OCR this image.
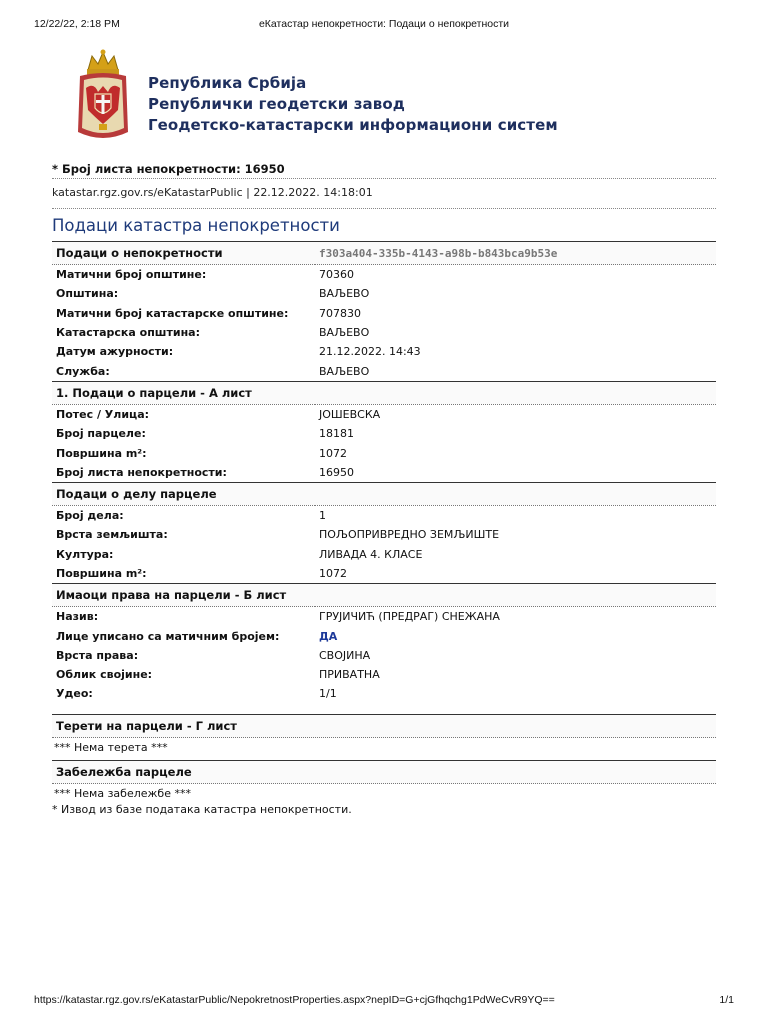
12/22/22, 2:18 PM	еКатастар непокретности: Подаци о непокретности
Република Србија
Републички геодетски завод
Геодетско-катастарски информациони систем
* Број листа непокретности: 16950
katastar.rgz.gov.rs/eKatastarPublic | 22.12.2022. 14:18:01
Подаци катастра непокретности
Подаци о непокретности	f303a404-335b-4143-a98b-b843bca9b53e
Матични број општине:	70360
Општина:	ВАЉЕВО
Матични број катастарске општине:	707830
Катастарска општина:	ВАЉЕВО
Датум ажурности:	21.12.2022. 14:43
Служба:	ВАЉЕВО
1. Подаци о парцели - А лист	
Потес / Улица:	ЈОШЕВСКА
Број парцеле:	18181
Површина m²:	1072
Број листа непокретности:	16950
Подаци о делу парцеле	
Број дела:	1
Врста земљишта:	ПОЉОПРИВРЕДНО ЗЕМЉИШТЕ
Култура:	ЛИВАДА 4. КЛАСЕ
Површина m²:	1072
Имаоци права на парцели - Б лист	
Назив:	ГРУЈИЧИЋ (ПРЕДРАГ) СНЕЖАНА
Лице уписано са матичним бројем:	ДА
Врста права:	СВОЈИНА
Облик својине:	ПРИВАТНА
Удео:	1/1
Терети на парцели - Г лист
*** Нема терета ***
Забележба парцеле
*** Нема забележбе ***
* Извод из базе података катастра непокретности.
https://katastar.rgz.gov.rs/eKatastarPublic/NepokretnostProperties.aspx?nepID=G+cjGfhqchg1PdWeCvR9YQ==	1/1
